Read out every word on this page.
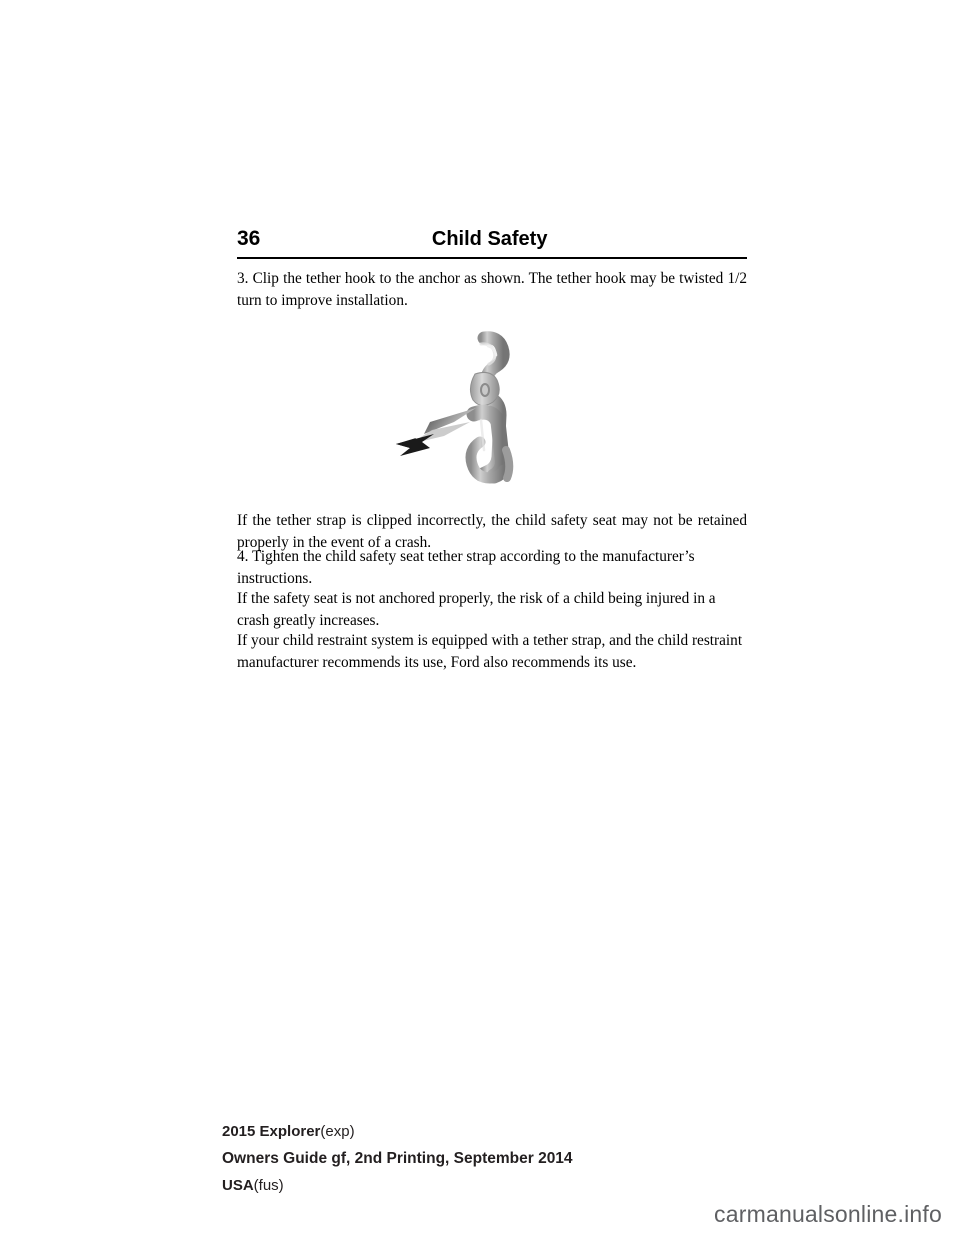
36	Child Safety
3. Clip the tether hook to the anchor as shown. The tether hook may be twisted 1/2 turn to improve installation.
If the tether strap is clipped incorrectly, the child safety seat may not be retained properly in the event of a crash.
4. Tighten the child safety seat tether strap according to the manufacturer’s instructions.
If the safety seat is not anchored properly, the risk of a child being injured in a crash greatly increases.
If your child restraint system is equipped with a tether strap, and the child restraint manufacturer recommends its use, Ford also recommends its use.
2015 Explorer(exp)
Owners Guide gf, 2nd Printing, September 2014
USA(fus)
carmanualsonline.info
